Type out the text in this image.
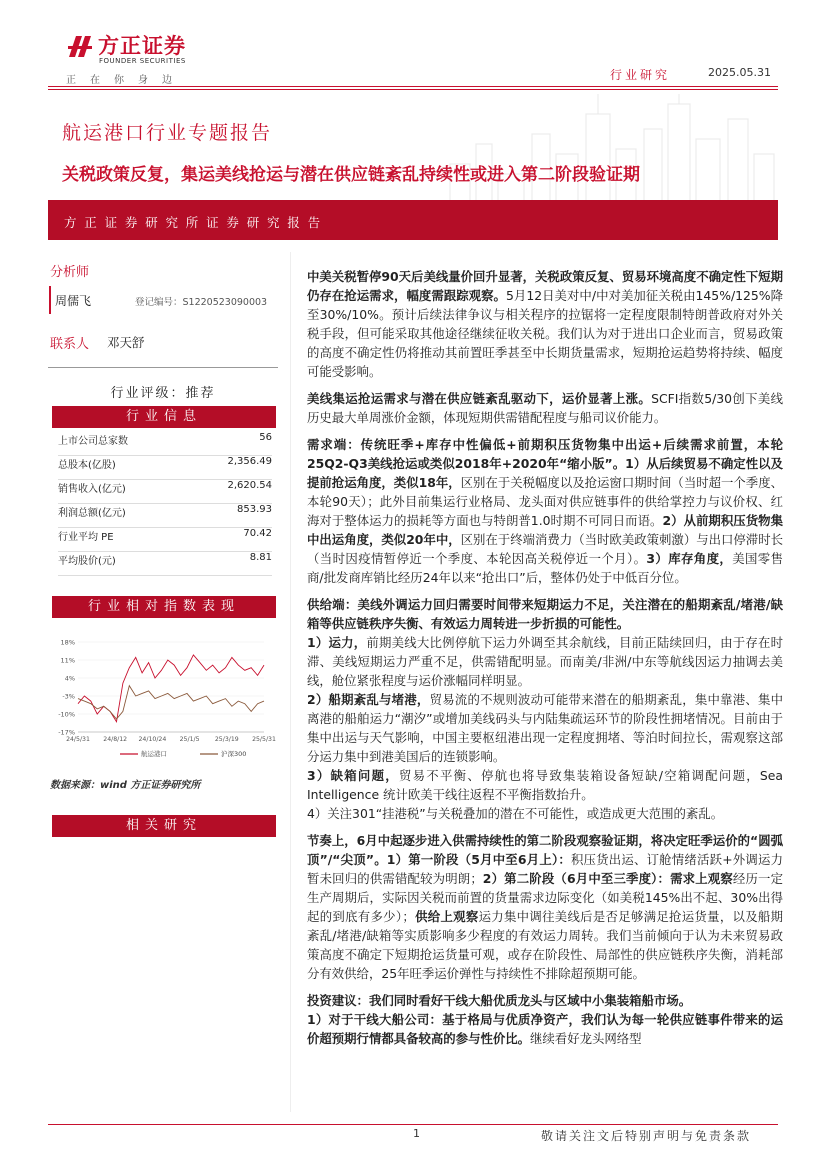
方正证券
FOUNDER SECURITIES
正在你身边	行业研究	2025.05.31
航运港口行业专题报告
关税政策反复，集运美线抢运与潜在供应链紊乱持续性或进入第二阶段验证期
方正证券研究所证券研究报告
分析师
周儒飞	登记编号：S1220523090003
联系人 邓天舒
行业评级：推荐
行业信息
上市公司总家数	56
总股本(亿股)	2,356.49
销售收入(亿元)	2,620.54
利润总额(亿元)	853.93
行业平均 PE	70.42
平均股价(元)	8.81
行业相对指数表现
18%
11%
4%
-3%
-10%
-17%
24/5/31 24/8/12 24/10/24 25/1/5 25/3/19 25/5/31
航运港口	沪深300
数据来源：wind 方正证券研究所
相关研究

中美关税暂停90天后美线量价回升显著，关税政策反复、贸易环境高度不确定性下短期仍存在抢运需求，幅度需跟踪观察。5月12日美对中/中对美加征关税由145%/125%降至30%/10%。预计后续法律争议与相关程序的拉锯将一定程度限制特朗普政府对外关税手段，但可能采取其他途径继续征收关税。我们认为对于进出口企业而言，贸易政策的高度不确定性仍将推动其前置旺季甚至中长期货量需求，短期抢运趋势将持续、幅度可能受影响。

美线集运抢运需求与潜在供应链紊乱驱动下，运价显著上涨。SCFI指数5/30创下美线历史最大单周涨价金额，体现短期供需错配程度与船司议价能力。

需求端：传统旺季+库存中性偏低+前期积压货物集中出运+后续需求前置，本轮25Q2-Q3美线抢运或类似2018年+2020年“缩小版”。1）从后续贸易不确定性以及提前抢运角度，类似18年，区别在于关税幅度以及抢运窗口期时间（当时超一个季度、本轮90天）；此外目前集运行业格局、龙头面对供应链事件的供给掌控力与议价权、红海对于整体运力的损耗等方面也与特朗普1.0时期不可同日而语。2）从前期积压货物集中出运角度，类似20年中，区别在于终端消费力（当时欧美政策刺激）与出口停滞时长（当时因疫情暂停近一个季度、本轮因高关税停近一个月）。3）库存角度，美国零售商/批发商库销比经历24年以来“抢出口”后，整体仍处于中低百分位。

供给端：美线外调运力回归需要时间带来短期运力不足，关注潜在的船期紊乱/堵港/缺箱等供应链秩序失衡、有效运力周转进一步折损的可能性。

1）运力，前期美线大比例停航下运力外调至其余航线，目前正陆续回归，由于存在时滞、美线短期运力严重不足，供需错配明显。而南美/非洲/中东等航线因运力抽调去美线，舱位紧张程度与运价涨幅同样明显。

2）船期紊乱与堵港，贸易流的不规则波动可能带来潜在的船期紊乱，集中靠港、集中离港的船舶运力“潮汐”或增加美线码头与内陆集疏运环节的阶段性拥堵情况。目前由于集中出运与天气影响，中国主要枢纽港出现一定程度拥堵、等泊时间拉长，需观察这部分运力集中到港美国后的连锁影响。

3）缺箱问题，贸易不平衡、停航也将导致集装箱设备短缺/空箱调配问题，Sea Intelligence 统计欧美干线往返程不平衡指数抬升。

4）关注301“挂港税”与关税叠加的潜在不可能性，或造成更大范围的紊乱。

节奏上，6月中起逐步进入供需持续性的第二阶段观察验证期，将决定旺季运价的“圆弧顶”/“尖顶”。1）第一阶段（5月中至6月上）：积压货出运、订舱情绪活跃+外调运力暂未回归的供需错配较为明朗；2）第二阶段（6月中至三季度）：需求上观察经历一定生产周期后，实际因关税而前置的货量需求边际变化（如美税145%出不起、30%出得起的到底有多少）；供给上观察运力集中调往美线后是否足够满足抢运货量，以及船期紊乱/堵港/缺箱等实质影响多少程度的有效运力周转。我们当前倾向于认为未来贸易政策高度不确定下短期抢运货量可观，或存在阶段性、局部性的供应链秩序失衡，消耗部分有效供给，25年旺季运价弹性与持续性不排除超预期可能。

投资建议：我们同时看好干线大船优质龙头与区域中小集装箱船市场。

1）对于干线大船公司：基于格局与优质净资产，我们认为每一轮供应链事件带来的运价超预期行情都具备较高的参与性价比。继续看好龙头网络型

1	敬请关注文后特别声明与免责条款
